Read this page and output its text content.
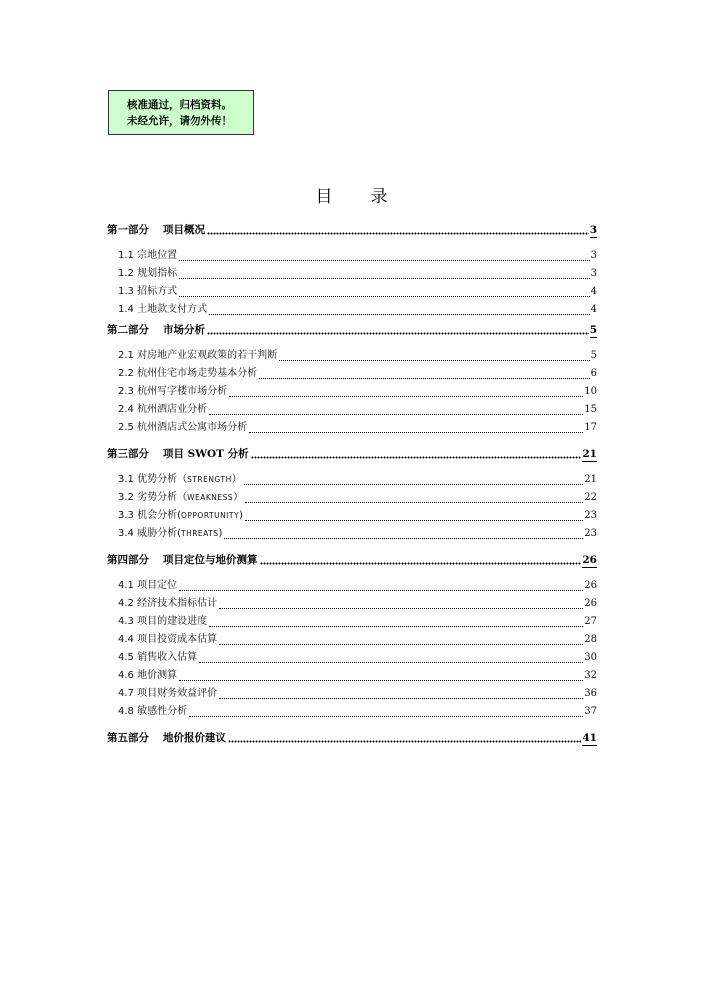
核准通过，归档资料。
未经允许，请勿外传！
目 录
第一部分 项目概况	3
1.1 宗地位置	3
1.2 规划指标	3
1.3 招标方式	4
1.4 土地款支付方式	4
第二部分 市场分析	5
2.1 对房地产业宏观政策的若干判断	5
2.2 杭州住宅市场走势基本分析	6
2.3 杭州写字楼市场分析	10
2.4 杭州酒店业分析	15
2.5 杭州酒店式公寓市场分析	17
第三部分 项目 SWOT 分析	21
3.1 优势分析（STRENGTH）	21
3.2 劣势分析（WEAKNESS）	22
3.3 机会分析(OPPORTUNITY)	23
3.4 威胁分析(THREATS)	23
第四部分 项目定位与地价测算	26
4.1 项目定位	26
4.2 经济技术指标估计	26
4.3 项目的建设进度	27
4.4 项目投资成本估算	28
4.5 销售收入估算	30
4.6 地价测算	32
4.7 项目财务效益评价	36
4.8 敏感性分析	37
第五部分 地价报价建议	41
